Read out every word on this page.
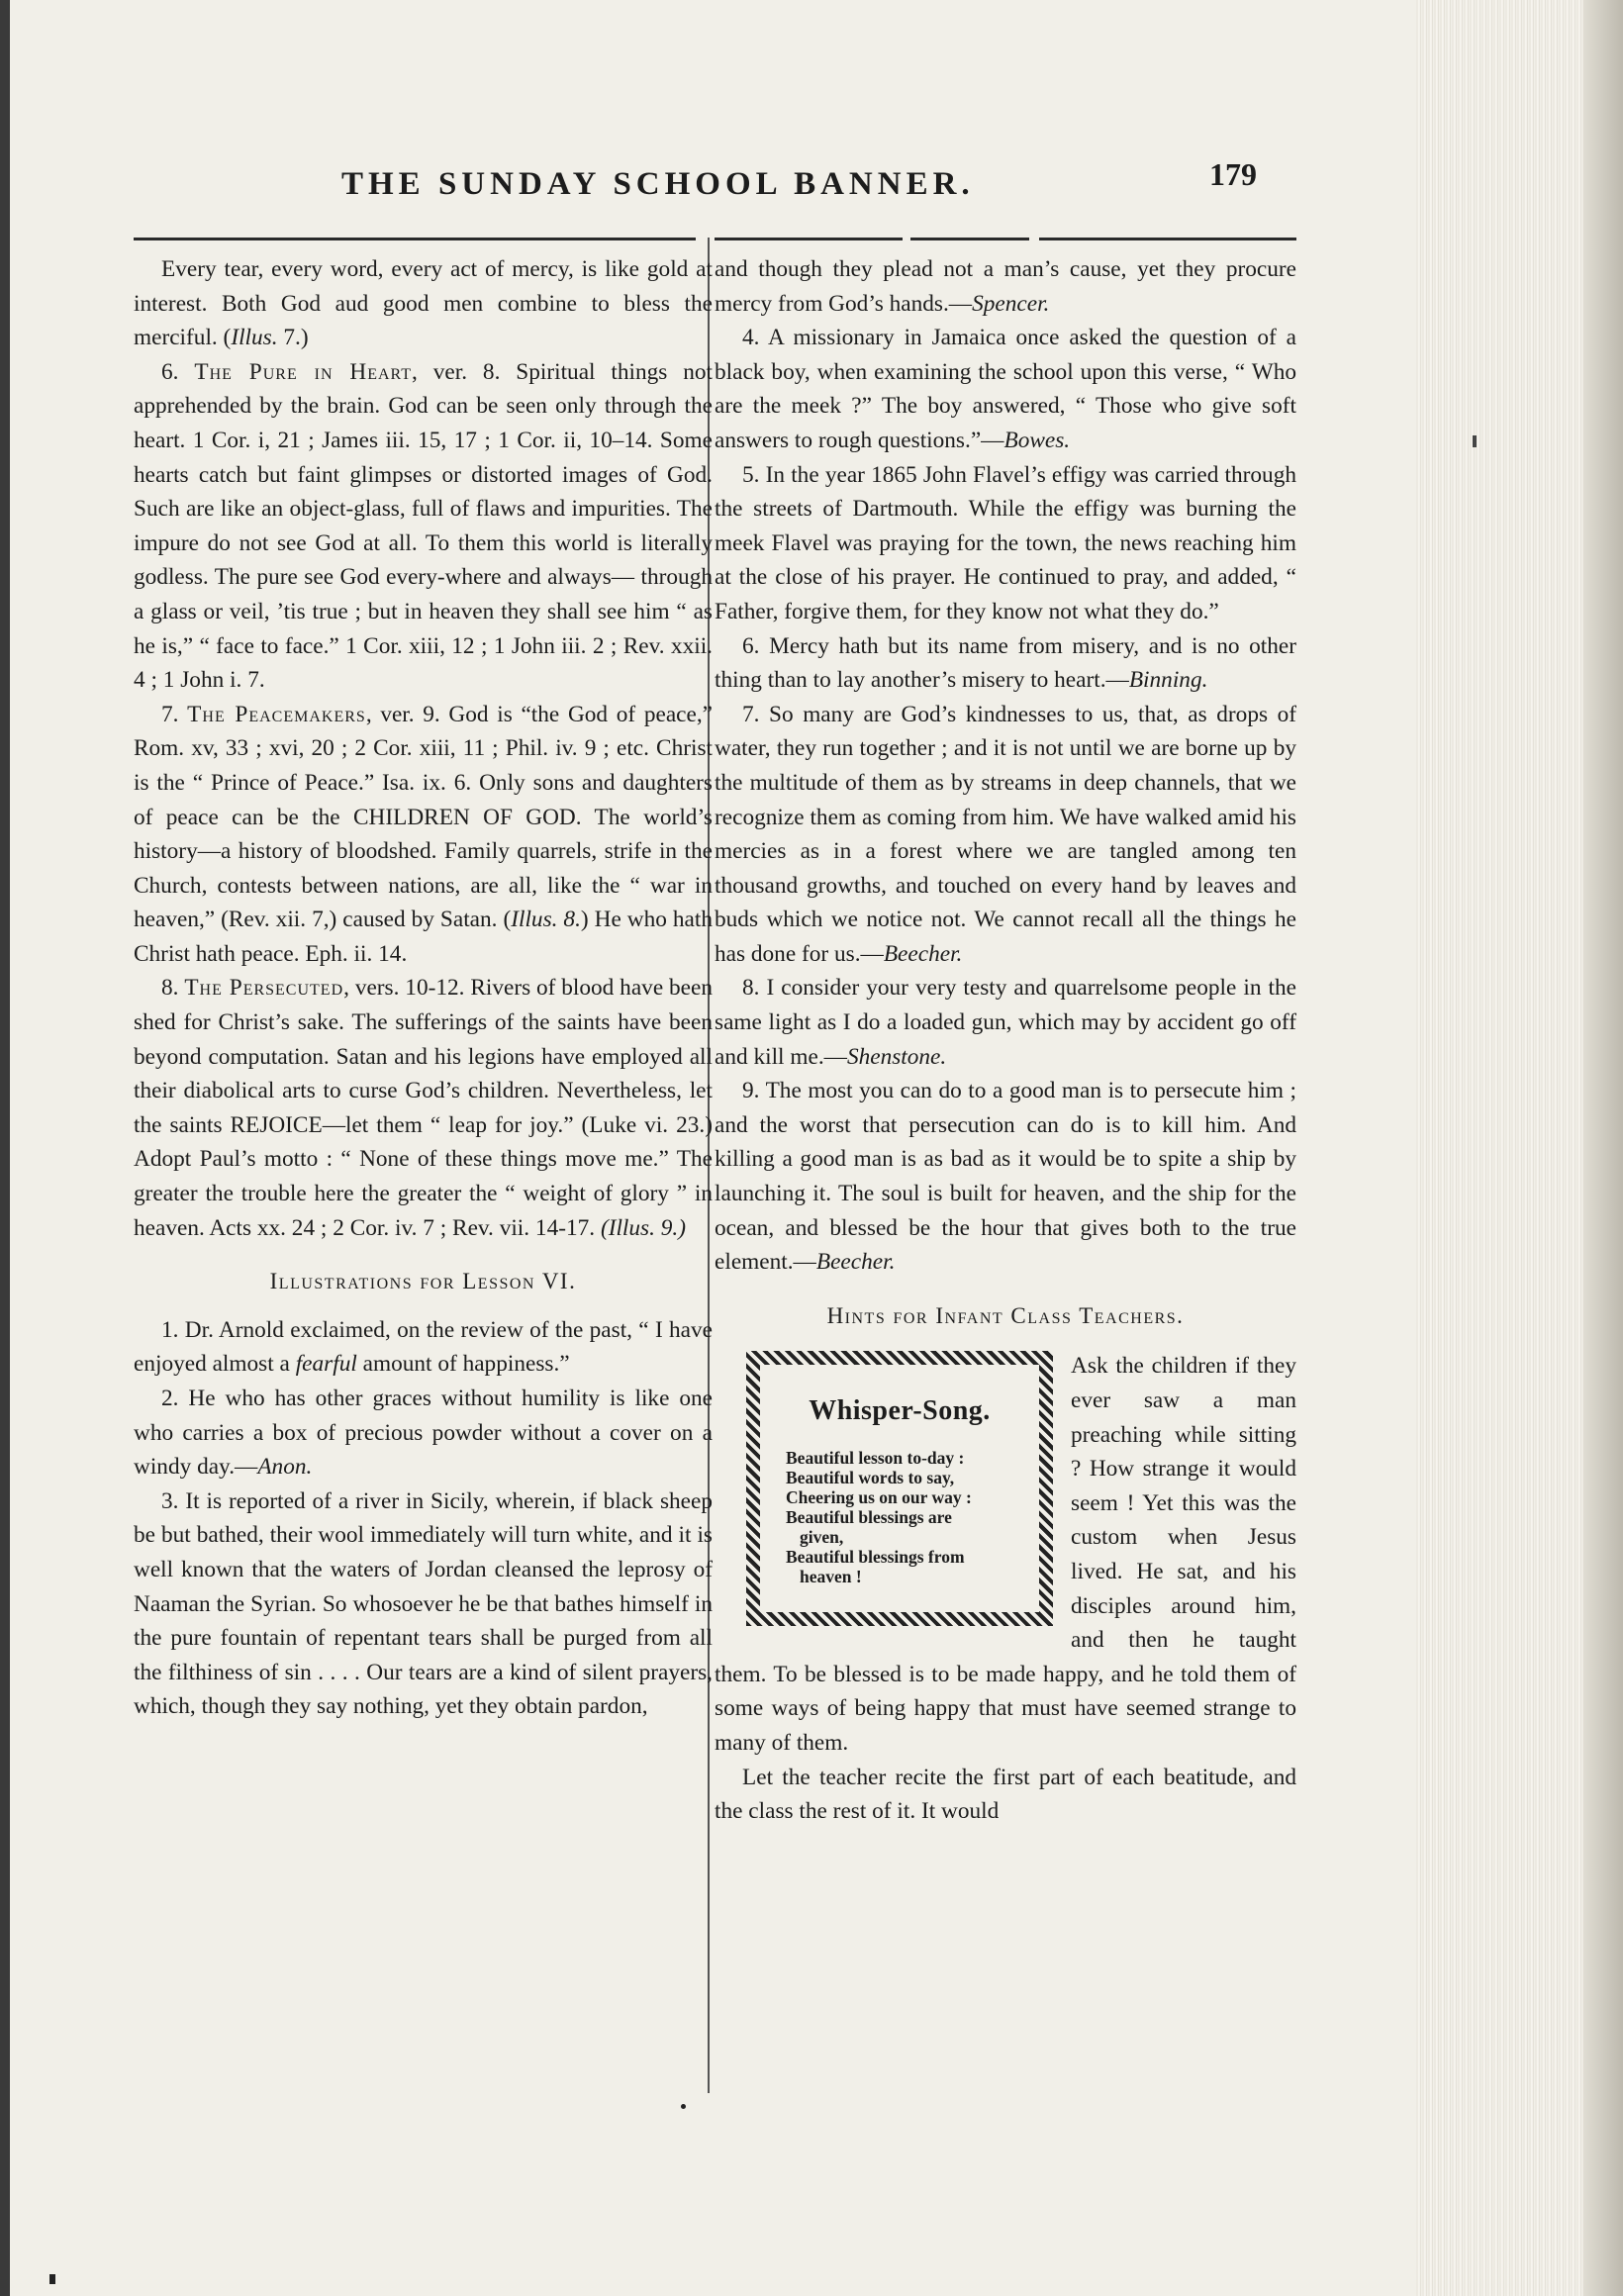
THE SUNDAY SCHOOL BANNER.	179

Every tear, every word, every act of mercy, is like gold at interest. Both God aud good men combine to bless the merciful. (Illus. 7.)

6. The Pure in Heart, ver. 8. Spiritual things not apprehended by the brain. God can be seen only through the heart. 1 Cor. i, 21 ; James iii. 15, 17 ; 1 Cor. ii, 10–14. Some hearts catch but faint glimpses or distorted images of God. Such are like an object-glass, full of flaws and impurities. The impure do not see God at all. To them this world is literally godless. The pure see God every-where and always— through a glass or veil, ’tis true ; but in heaven they shall see him “ as he is,” “ face to face.” 1 Cor. xiii, 12 ; 1 John iii. 2 ; Rev. xxii. 4 ; 1 John i. 7.

7. The Peacemakers, ver. 9. God is “the God of peace,” Rom. xv, 33 ; xvi, 20 ; 2 Cor. xiii, 11 ; Phil. iv. 9 ; etc. Christ is the “ Prince of Peace.” Isa. ix. 6. Only sons and daughters of peace can be the CHILDREN OF GOD. The world’s history—a history of bloodshed. Family quarrels, strife in the Church, contests between nations, are all, like the “ war in heaven,” (Rev. xii. 7,) caused by Satan. (Illus. 8.) He who hath Christ hath peace. Eph. ii. 14.

8. The Persecuted, vers. 10-12. Rivers of blood have been shed for Christ’s sake. The sufferings of the saints have been beyond computation. Satan and his legions have employed all their diabolical arts to curse God’s children. Nevertheless, let the saints REJOICE—let them “ leap for joy.” (Luke vi. 23.) Adopt Paul’s motto : “ None of these things move me.” The greater the trouble here the greater the “ weight of glory ” in heaven. Acts xx. 24 ; 2 Cor. iv. 7 ; Rev. vii. 14-17. (Illus. 9.)

Illustrations for Lesson VI.

1. Dr. Arnold exclaimed, on the review of the past, “ I have enjoyed almost a fearful amount of happiness.”

2. He who has other graces without humility is like one who carries a box of precious powder without a cover on a windy day.—Anon.

3. It is reported of a river in Sicily, wherein, if black sheep be but bathed, their wool immediately will turn white, and it is well known that the waters of Jordan cleansed the leprosy of Naaman the Syrian. So whosoever he be that bathes himself in the pure fountain of repentant tears shall be purged from all the filthiness of sin . . . . Our tears are a kind of silent prayers, which, though they say nothing, yet they obtain pardon,

and though they plead not a man’s cause, yet they procure mercy from God’s hands.—Spencer.

4. A missionary in Jamaica once asked the question of a black boy, when examining the school upon this verse, “ Who are the meek ?” The boy answered, “ Those who give soft answers to rough questions.”—Bowes.

5. In the year 1865 John Flavel’s effigy was carried through the streets of Dartmouth. While the effigy was burning the meek Flavel was praying for the town, the news reaching him at the close of his prayer. He continued to pray, and added, “ Father, forgive them, for they know not what they do.”

6. Mercy hath but its name from misery, and is no other thing than to lay another’s misery to heart.—Binning.

7. So many are God’s kindnesses to us, that, as drops of water, they run together ; and it is not until we are borne up by the multitude of them as by streams in deep channels, that we recognize them as coming from him. We have walked amid his mercies as in a forest where we are tangled among ten thousand growths, and touched on every hand by leaves and buds which we notice not. We cannot recall all the things he has done for us.—Beecher.

8. I consider your very testy and quarrelsome people in the same light as I do a loaded gun, which may by accident go off and kill me.—Shenstone.

9. The most you can do to a good man is to persecute him ; and the worst that persecution can do is to kill him. And killing a good man is as bad as it would be to spite a ship by launching it. The soul is built for heaven, and the ship for the ocean, and blessed be the hour that gives both to the true element.—Beecher.

Hints for Infant Class Teachers.

Whisper-Song.
Beautiful lesson to-day :
Beautiful words to say,
Cheering us on our way :
Beautiful blessings are
given,
Beautiful blessings from
heaven !

Ask the children if they ever saw a man preaching while sitting ? How strange it would seem ! Yet this was the custom when Jesus lived. He sat, and his disciples around him, and then he taught them. To be blessed is to be made happy, and he told them of some ways of being happy that must have seemed strange to many of them.

Let the teacher recite the first part of each beatitude, and the class the rest of it. It would
